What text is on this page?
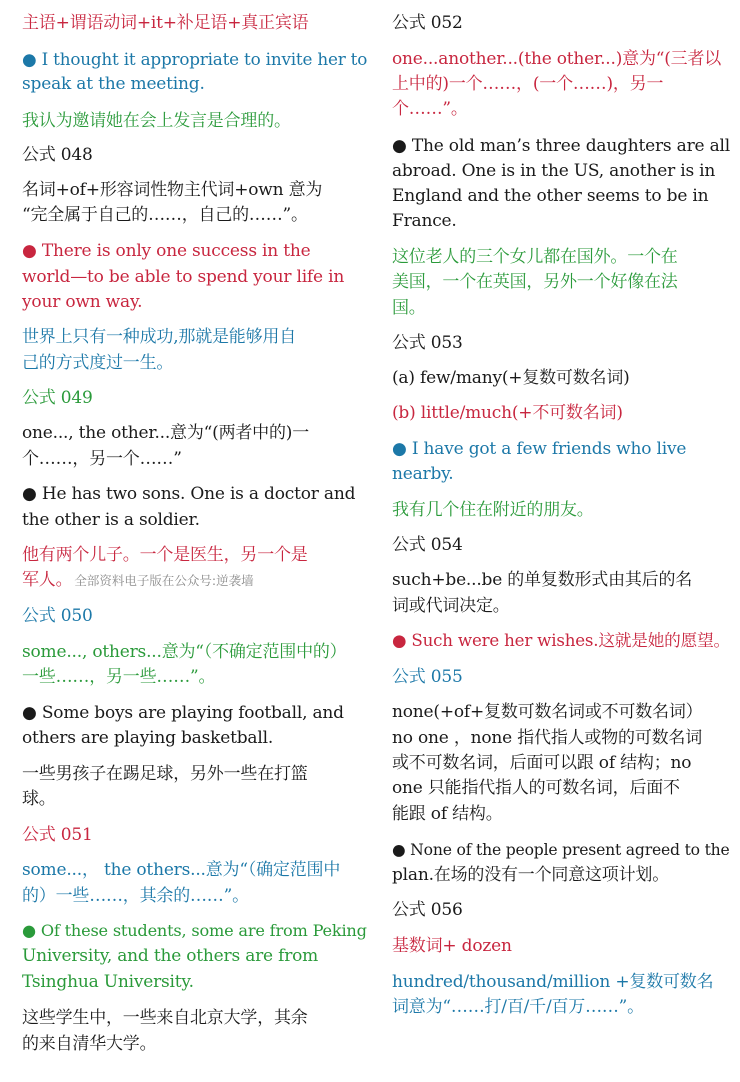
主语+谓语动词+it+补足语+真正宾语
● I thought it appropriate to invite her to
speak at the meeting.
我认为邀请她在会上发言是合理的。
公式 048
名词+of+形容词性物主代词+own 意为
“完全属于自己的……，自己的……”。
● There is only one success in the
world—to be able to spend your life in
your own way.
世界上只有一种成功,那就是能够用自
己的方式度过一生。
公式 049
one..., the other...意为“(两者中的)一
个……，另一个……”
● He has two sons. One is a doctor and
the other is a soldier.
他有两个儿子。一个是医生，另一个是
军人。 全部资料电子版在公众号:逆袭墙
公式 050
some..., others...意为“（不确定范围中的）
一些……，另一些……”。
● Some boys are playing football, and
others are playing basketball.
一些男孩子在踢足球，另外一些在打篮
球。
公式 051
some...， the others...意为“（确定范围中
的）一些……，其余的……”。
● Of these students, some are from Peking
University, and the others are from
Tsinghua University.
这些学生中，一些来自北京大学，其余
的来自清华大学。
公式 052
one...another...(the other...)意为“(三者以
上中的)一个……，(一个……)，另一
个……”。
● The old man’s three daughters are all
abroad. One is in the US, another is in
England and the other seems to be in
France.
这位老人的三个女儿都在国外。一个在
美国，一个在英国，另外一个好像在法
国。
公式 053
(a) few/many(+复数可数名词)
(b) little/much(+不可数名词)
● I have got a few friends who live
nearby.
我有几个住在附近的朋友。
公式 054
such+be...be 的单复数形式由其后的名
词或代词决定。
● Such were her wishes.这就是她的愿望。
公式 055
none(+of+复数可数名词或不可数名词）
no one ，none 指代指人或物的可数名词
或不可数名词，后面可以跟 of 结构；no
one 只能指代指人的可数名词，后面不
能跟 of 结构。
● None of the people present agreed to the
plan.在场的没有一个同意这项计划。
公式 056
基数词+ dozen
hundred/thousand/million +复数可数名
词意为“……打/百/千/百万……”。
